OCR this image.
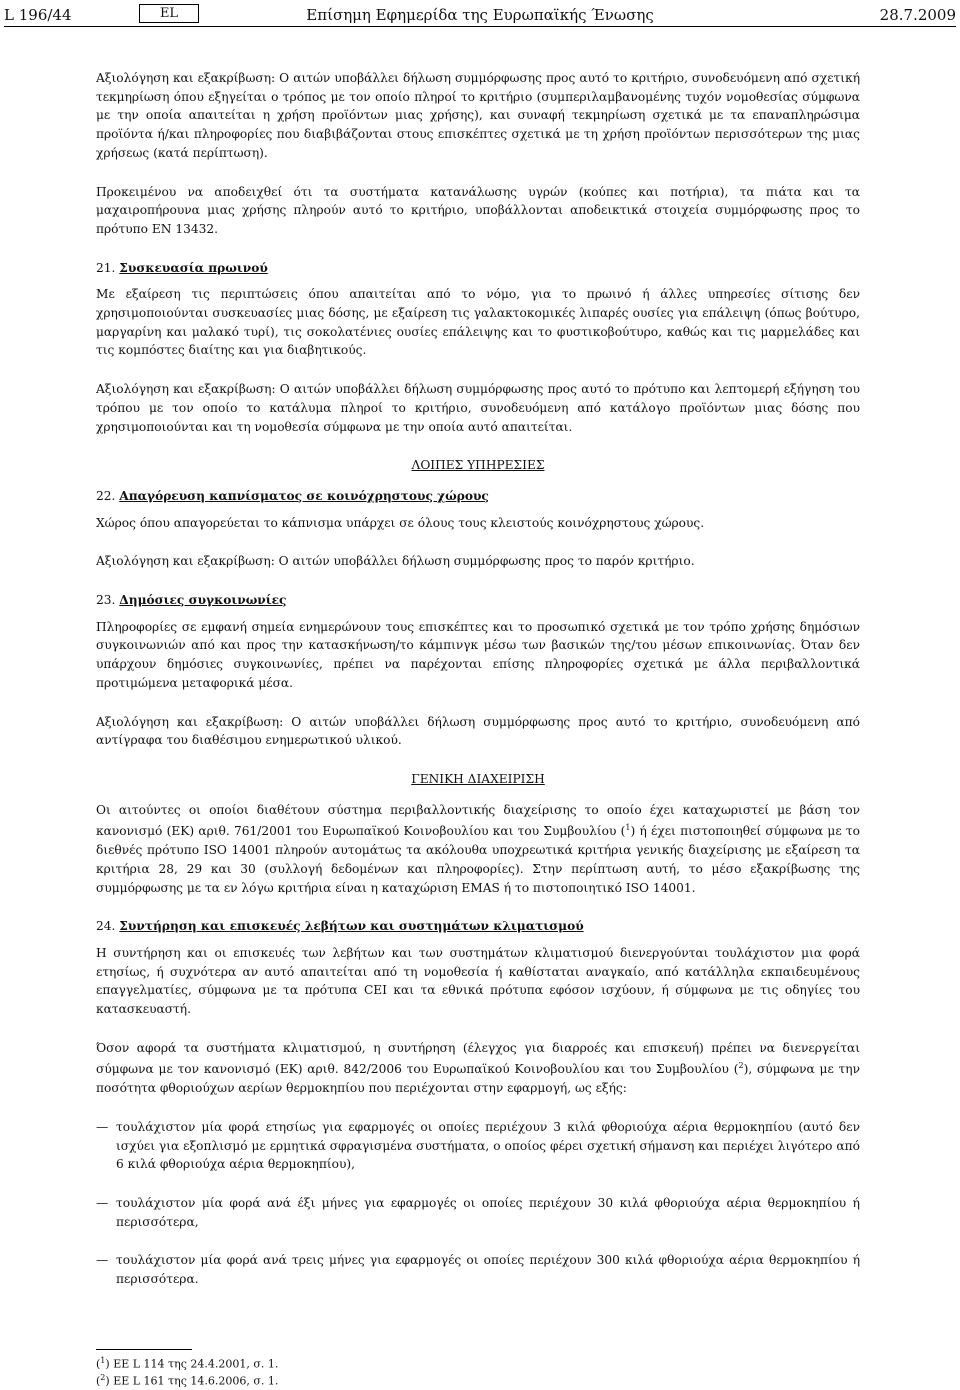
L 196/44	EL	Επίσημη Εφημερίδα της Ευρωπαϊκής Ένωσης	28.7.2009

Αξιολόγηση και εξακρίβωση: Ο αιτών υποβάλλει δήλωση συμμόρφωσης προς αυτό το κριτήριο, συνοδευόμενη από σχετική τεκμηρίωση όπου εξηγείται ο τρόπος με τον οποίο πληροί το κριτήριο (συμπεριλαμβανομένης τυχόν νομοθεσίας σύμφωνα με την οποία απαιτείται η χρήση προϊόντων μιας χρήσης), και συναφή τεκμηρίωση σχετικά με τα επαναπληρώσιμα προϊόντα ή/και πληροφορίες που διαβιβάζονται στους επισκέπτες σχετικά με τη χρήση προϊόντων περισσότερων της μιας χρήσεως (κατά περίπτωση).

Προκειμένου να αποδειχθεί ότι τα συστήματα κατανάλωσης υγρών (κούπες και ποτήρια), τα πιάτα και τα μαχαιροπήρουνα μιας χρήσης πληρούν αυτό το κριτήριο, υποβάλλονται αποδεικτικά στοιχεία συμμόρφωσης προς το πρότυπο EN 13432.

21. Συσκευασία πρωινού

Με εξαίρεση τις περιπτώσεις όπου απαιτείται από το νόμο, για το πρωινό ή άλλες υπηρεσίες σίτισης δεν χρησιμοποιούνται συσκευασίες μιας δόσης, με εξαίρεση τις γαλακτοκομικές λιπαρές ουσίες για επάλειψη (όπως βούτυρο, μαργαρίνη και μαλακό τυρί), τις σοκολατένιες ουσίες επάλειψης και το φυστικοβούτυρο, καθώς και τις μαρμελάδες και τις κομπόστες διαίτης και για διαβητικούς.

Αξιολόγηση και εξακρίβωση: Ο αιτών υποβάλλει δήλωση συμμόρφωσης προς αυτό το πρότυπο και λεπτομερή εξήγηση του τρόπου με τον οποίο το κατάλυμα πληροί το κριτήριο, συνοδευόμενη από κατάλογο προϊόντων μιας δόσης που χρησιμοποιούνται και τη νομοθεσία σύμφωνα με την οποία αυτό απαιτείται.

ΛΟΙΠΕΣ ΥΠΗΡΕΣΙΕΣ
22. Απαγόρευση καπνίσματος σε κοινόχρηστους χώρους

Χώρος όπου απαγορεύεται το κάπνισμα υπάρχει σε όλους τους κλειστούς κοινόχρηστους χώρους.

Αξιολόγηση και εξακρίβωση: Ο αιτών υποβάλλει δήλωση συμμόρφωσης προς το παρόν κριτήριο.

23. Δημόσιες συγκοινωνίες

Πληροφορίες σε εμφανή σημεία ενημερώνουν τους επισκέπτες και το προσωπικό σχετικά με τον τρόπο χρήσης δημόσιων συγκοινωνιών από και προς την κατασκήνωση/το κάμπινγκ μέσω των βασικών της/του μέσων επικοινωνίας. Όταν δεν υπάρχουν δημόσιες συγκοινωνίες, πρέπει να παρέχονται επίσης πληροφορίες σχετικά με άλλα περιβαλλοντικά προτιμώμενα μεταφορικά μέσα.

Αξιολόγηση και εξακρίβωση: Ο αιτών υποβάλλει δήλωση συμμόρφωσης προς αυτό το κριτήριο, συνοδευόμενη από αντίγραφα του διαθέσιμου ενημερωτικού υλικού.

ΓΕΝΙΚΗ ΔΙΑΧΕΙΡΙΣΗ

Οι αιτούντες οι οποίοι διαθέτουν σύστημα περιβαλλοντικής διαχείρισης το οποίο έχει καταχωριστεί με βάση τον κανονισμό (ΕΚ) αριθ. 761/2001 του Ευρωπαϊκού Κοινοβουλίου και του Συμβουλίου ($^1$) ή έχει πιστοποιηθεί σύμφωνα με το διεθνές πρότυπο ISO 14001 πληρούν αυτομάτως τα ακόλουθα υποχρεωτικά κριτήρια γενικής διαχείρισης με εξαίρεση τα κριτήρια 28, 29 και 30 (συλλογή δεδομένων και πληροφορίες). Στην περίπτωση αυτή, το μέσο εξακρίβωσης της συμμόρφωσης με τα εν λόγω κριτήρια είναι η καταχώριση EMAS ή το πιστοποιητικό ISO 14001.

24. Συντήρηση και επισκευές λεβήτων και συστημάτων κλιματισμού

Η συντήρηση και οι επισκευές των λεβήτων και των συστημάτων κλιματισμού διενεργούνται τουλάχιστον μια φορά ετησίως, ή συχνότερα αν αυτό απαιτείται από τη νομοθεσία ή καθίσταται αναγκαίο, από κατάλληλα εκπαιδευμένους επαγγελματίες, σύμφωνα με τα πρότυπα CEI και τα εθνικά πρότυπα εφόσον ισχύουν, ή σύμφωνα με τις οδηγίες του κατασκευαστή.

Όσον αφορά τα συστήματα κλιματισμού, η συντήρηση (έλεγχος για διαρροές και επισκευή) πρέπει να διενεργείται σύμφωνα με τον κανονισμό (ΕΚ) αριθ. 842/2006 του Ευρωπαϊκού Κοινοβουλίου και του Συμβουλίου ($^2$), σύμφωνα με την ποσότητα φθοριούχων αερίων θερμοκηπίου που περιέχονται στην εφαρμογή, ως εξής:

— τουλάχιστον μία φορά ετησίως για εφαρμογές οι οποίες περιέχουν 3 κιλά φθοριούχα αέρια θερμοκηπίου (αυτό δεν ισχύει για εξοπλισμό με ερμητικά σφραγισμένα συστήματα, ο οποίος φέρει σχετική σήμανση και περιέχει λιγότερο από 6 κιλά φθοριούχα αέρια θερμοκηπίου),
— τουλάχιστον μία φορά ανά έξι μήνες για εφαρμογές οι οποίες περιέχουν 30 κιλά φθοριούχα αέρια θερμοκηπίου ή περισσότερα,
— τουλάχιστον μία φορά ανά τρεις μήνες για εφαρμογές οι οποίες περιέχουν 300 κιλά φθοριούχα αέρια θερμοκηπίου ή περισσότερα.
($^1$) ΕΕ L 114 της 24.4.2001, σ. 1.
($^2$) ΕΕ L 161 της 14.6.2006, σ. 1.
